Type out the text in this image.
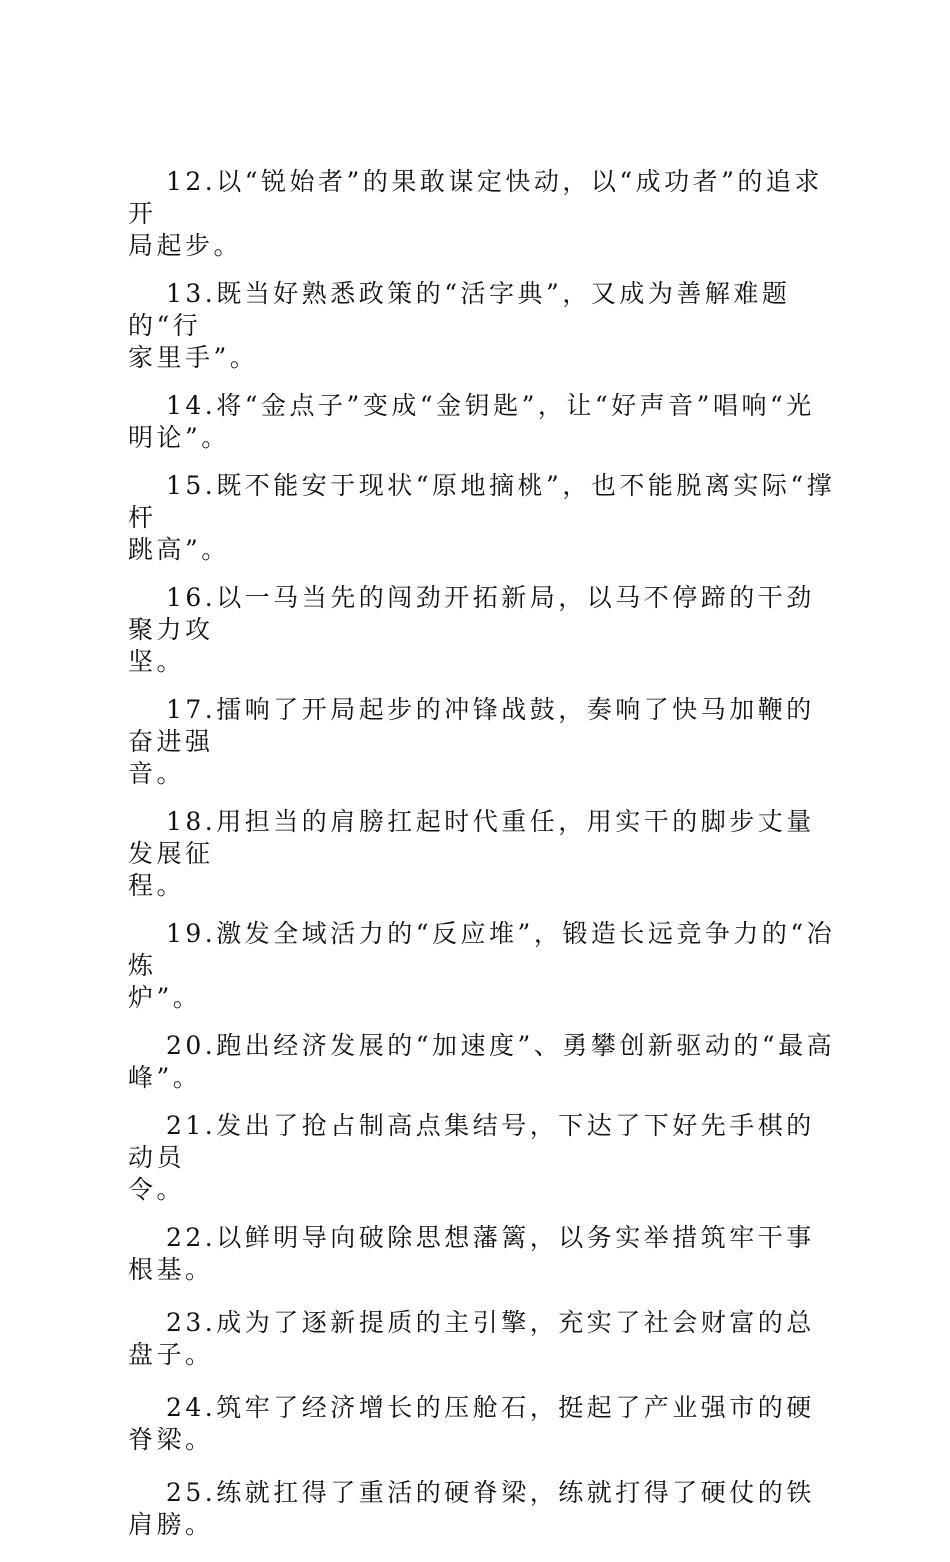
12.以“锐始者”的果敢谋定快动，以“成功者”的追求开
局起步。

13.既当好熟悉政策的“活字典”，又成为善解难题的“行
家里手”。

14.将“金点子”变成“金钥匙”，让“好声音”唱响“光
明论”。

15.既不能安于现状“原地摘桃”，也不能脱离实际“撑杆
跳高”。

16.以一马当先的闯劲开拓新局，以马不停蹄的干劲聚力攻
坚。

17.擂响了开局起步的冲锋战鼓，奏响了快马加鞭的奋进强
音。

18.用担当的肩膀扛起时代重任，用实干的脚步丈量发展征
程。

19.激发全域活力的“反应堆”，锻造长远竞争力的“冶炼
炉”。

20.跑出经济发展的“加速度”、勇攀创新驱动的“最高
峰”。

21.发出了抢占制高点集结号，下达了下好先手棋的动员
令。

22.以鲜明导向破除思想藩篱，以务实举措筑牢干事根基。

23.成为了逐新提质的主引擎，充实了社会财富的总盘子。

24.筑牢了经济增长的压舱石，挺起了产业强市的硬脊梁。

25.练就扛得了重活的硬脊梁，练就打得了硬仗的铁肩膀。
